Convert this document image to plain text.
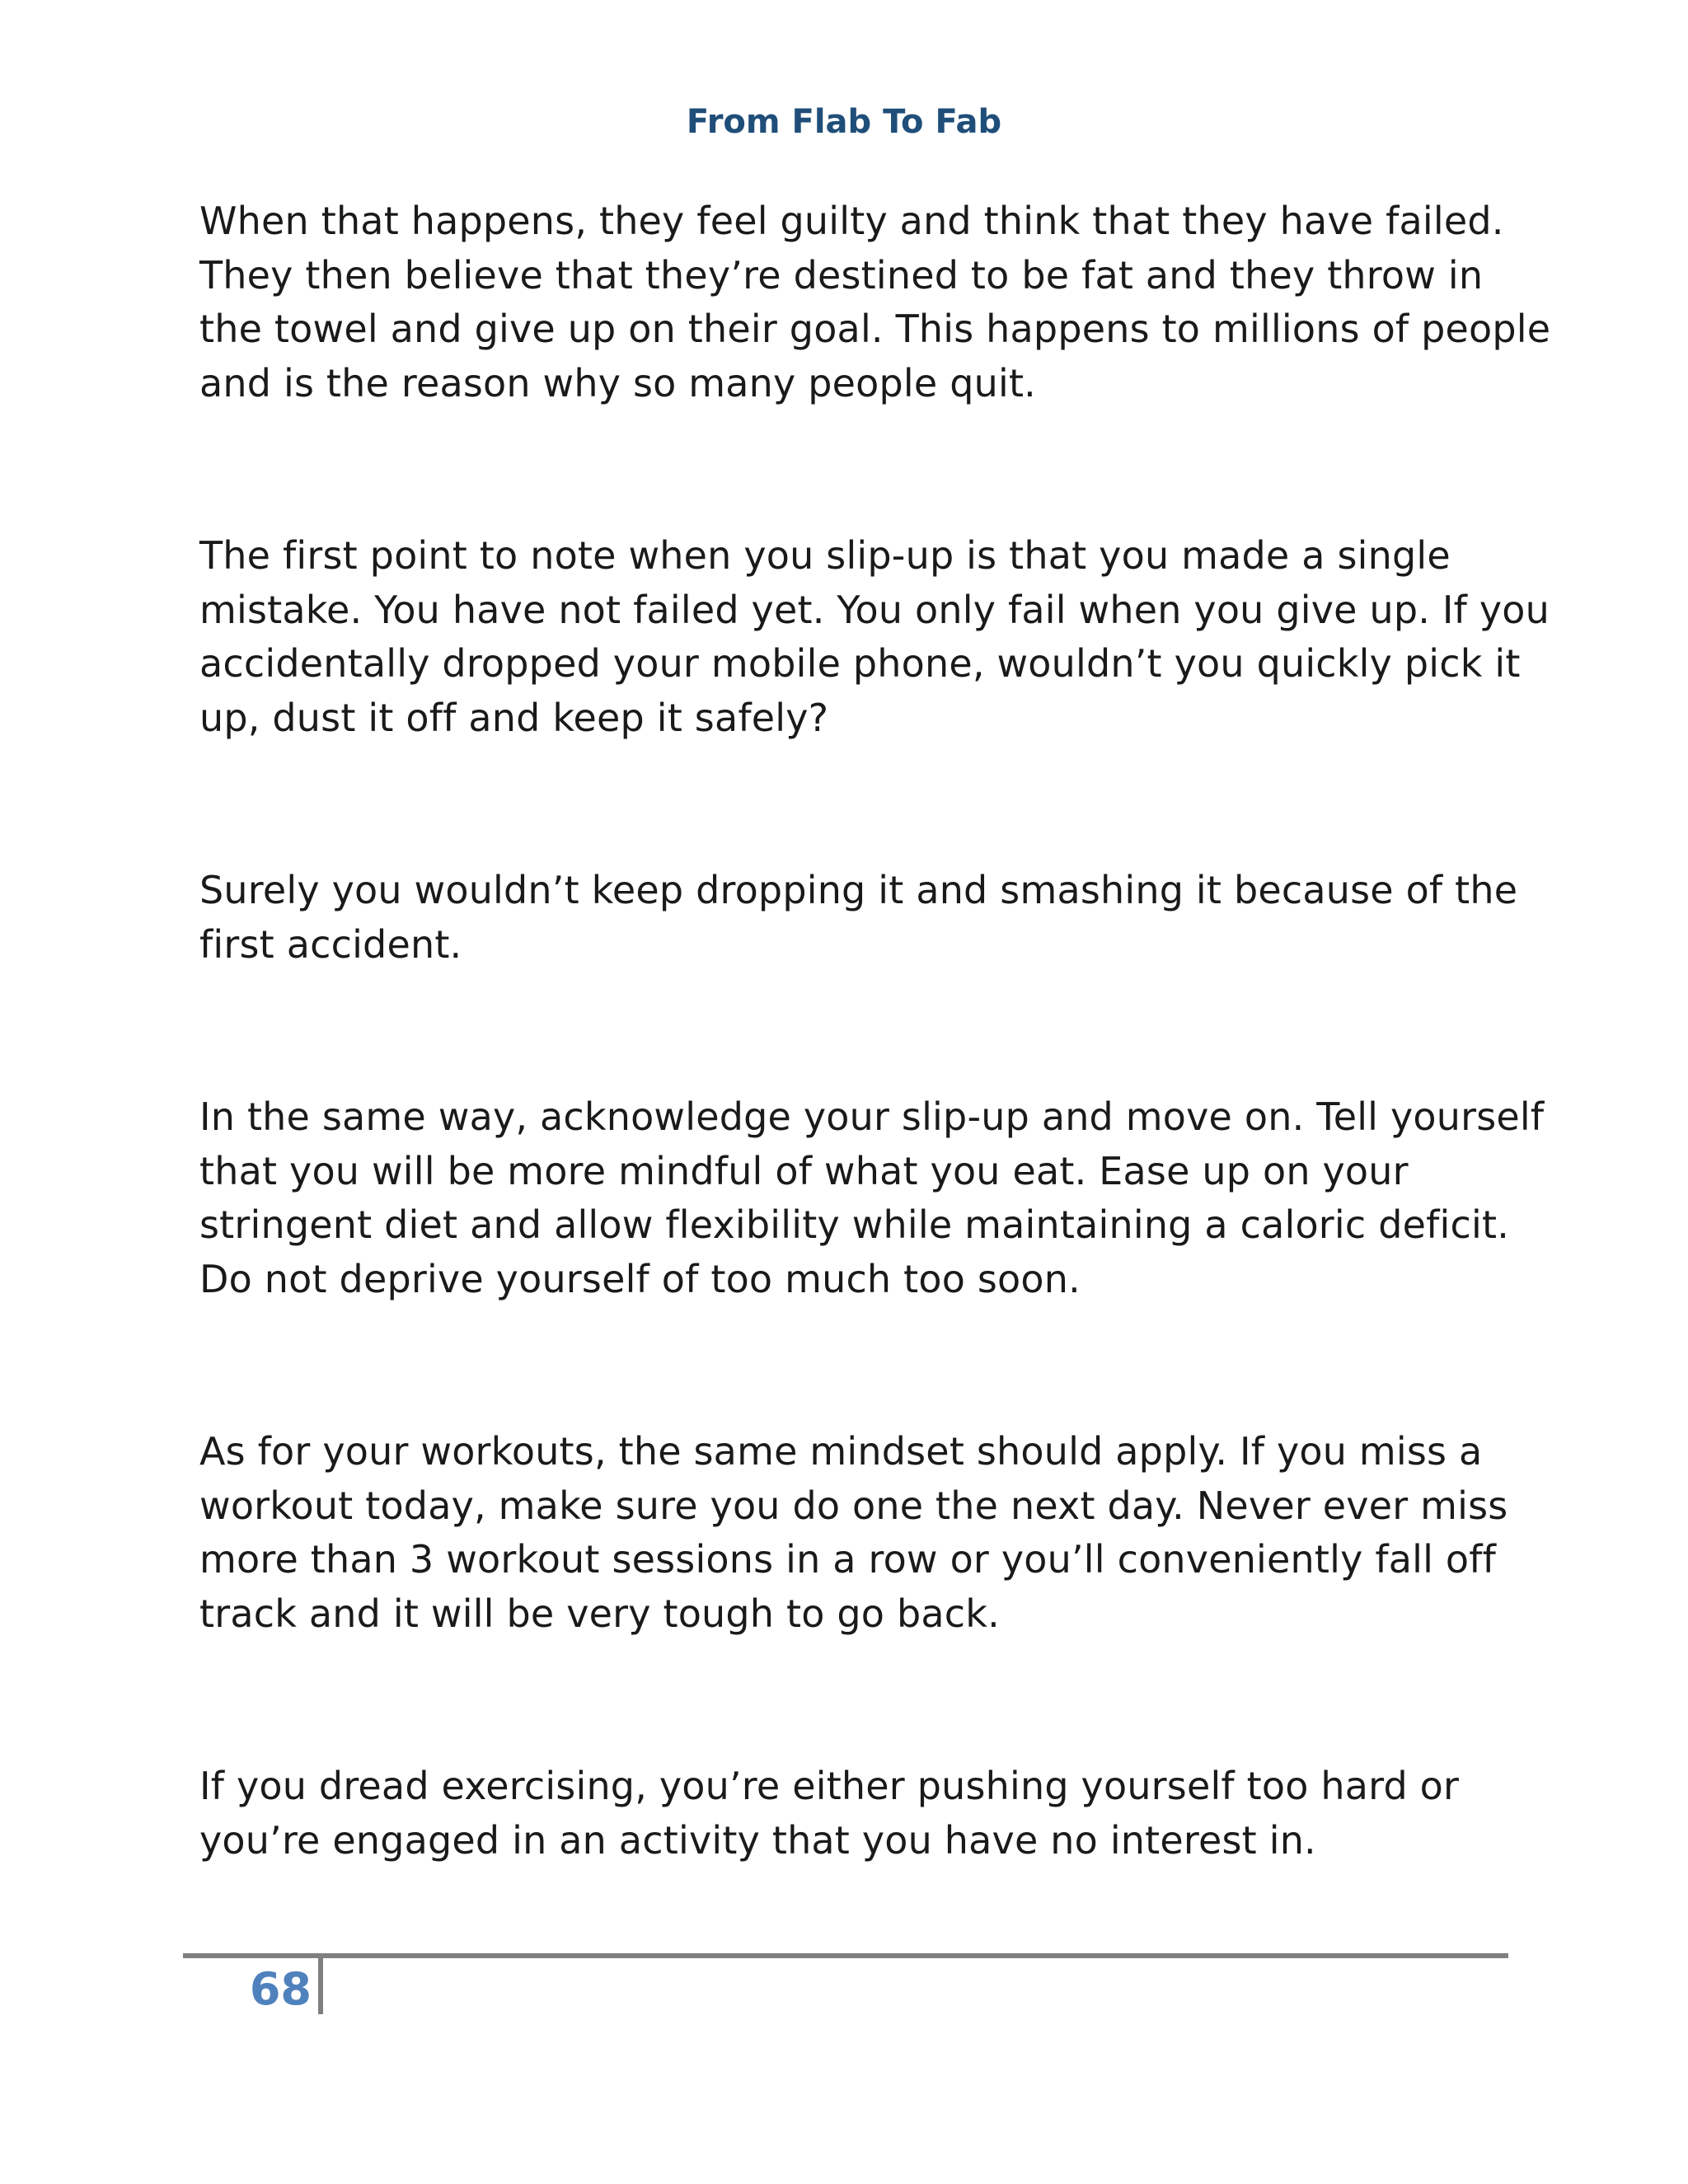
From Flab To Fab

When that happens, they feel guilty and think that they have failed. They then believe that they’re destined to be fat and they throw in the towel and give up on their goal. This happens to millions of people and is the reason why so many people quit.

The first point to note when you slip-up is that you made a single mistake. You have not failed yet. You only fail when you give up. If you accidentally dropped your mobile phone, wouldn’t you quickly pick it up, dust it off and keep it safely?

Surely you wouldn’t keep dropping it and smashing it because of the first accident.

In the same way, acknowledge your slip-up and move on. Tell yourself that you will be more mindful of what you eat. Ease up on your stringent diet and allow flexibility while maintaining a caloric deficit. Do not deprive yourself of too much too soon.

As for your workouts, the same mindset should apply. If you miss a workout today, make sure you do one the next day. Never ever miss more than 3 workout sessions in a row or you’ll conveniently fall off track and it will be very tough to go back.

If you dread exercising, you’re either pushing yourself too hard or you’re engaged in an activity that you have no interest in.

68
